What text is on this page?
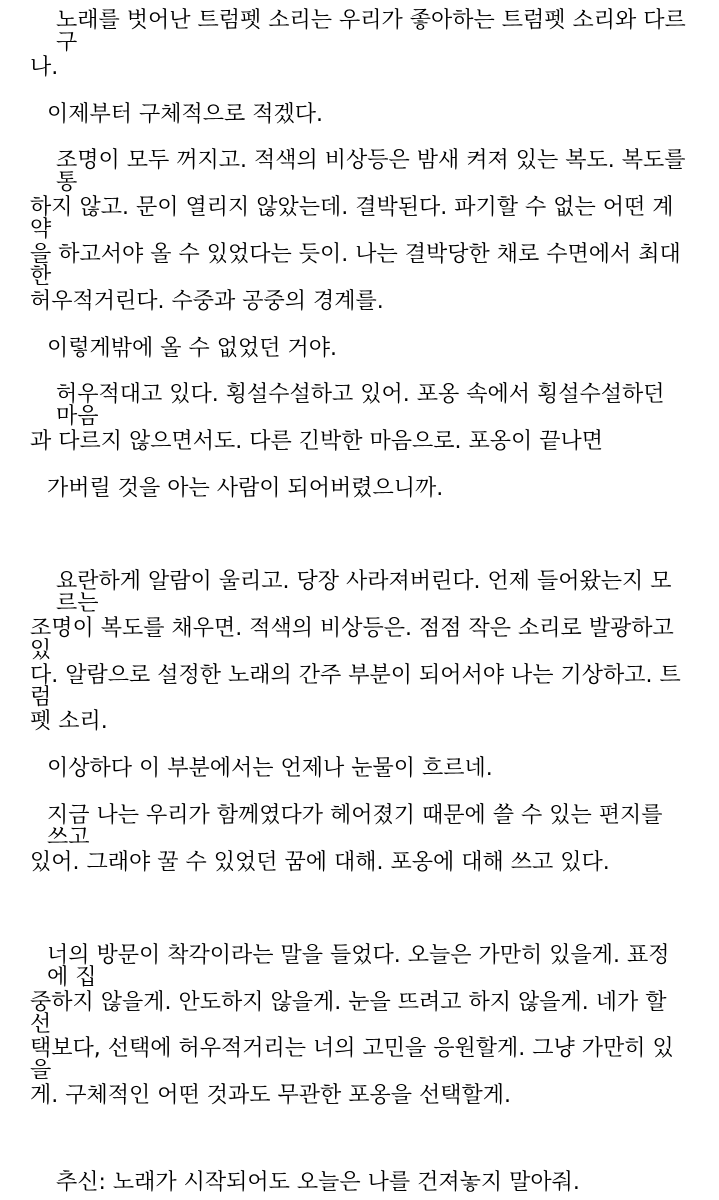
노래를 벗어난 트럼펫 소리는 우리가 좋아하는 트럼펫 소리와 다르구
나.
이제부터 구체적으로 적겠다.
조명이 모두 꺼지고. 적색의 비상등은 밤새 켜져 있는 복도. 복도를 통
하지 않고. 문이 열리지 않았는데. 결박된다. 파기할 수 없는 어떤 계약
을 하고서야 올 수 있었다는 듯이. 나는 결박당한 채로 수면에서 최대한
허우적거린다. 수중과 공중의 경계를.
이렇게밖에 올 수 없었던 거야.
허우적대고 있다. 횡설수설하고 있어. 포옹 속에서 횡설수설하던 마음
과 다르지 않으면서도. 다른 긴박한 마음으로. 포옹이 끝나면
가버릴 것을 아는 사람이 되어버렸으니까.
요란하게 알람이 울리고. 당장 사라져버린다. 언제 들어왔는지 모르는
조명이 복도를 채우면. 적색의 비상등은. 점점 작은 소리로 발광하고 있
다. 알람으로 설정한 노래의 간주 부분이 되어서야 나는 기상하고. 트럼
펫 소리.
이상하다 이 부분에서는 언제나 눈물이 흐르네.
지금 나는 우리가 함께였다가 헤어졌기 때문에 쓸 수 있는 편지를 쓰고
있어. 그래야 꿀 수 있었던 꿈에 대해. 포옹에 대해 쓰고 있다.
너의 방문이 착각이라는 말을 들었다. 오늘은 가만히 있을게. 표정에 집
중하지 않을게. 안도하지 않을게. 눈을 뜨려고 하지 않을게. 네가 할 선
택보다, 선택에 허우적거리는 너의 고민을 응원할게. 그냥 가만히 있을
게. 구체적인 어떤 것과도 무관한 포옹을 선택할게.
추신: 노래가 시작되어도 오늘은 나를 건져놓지 말아줘.
